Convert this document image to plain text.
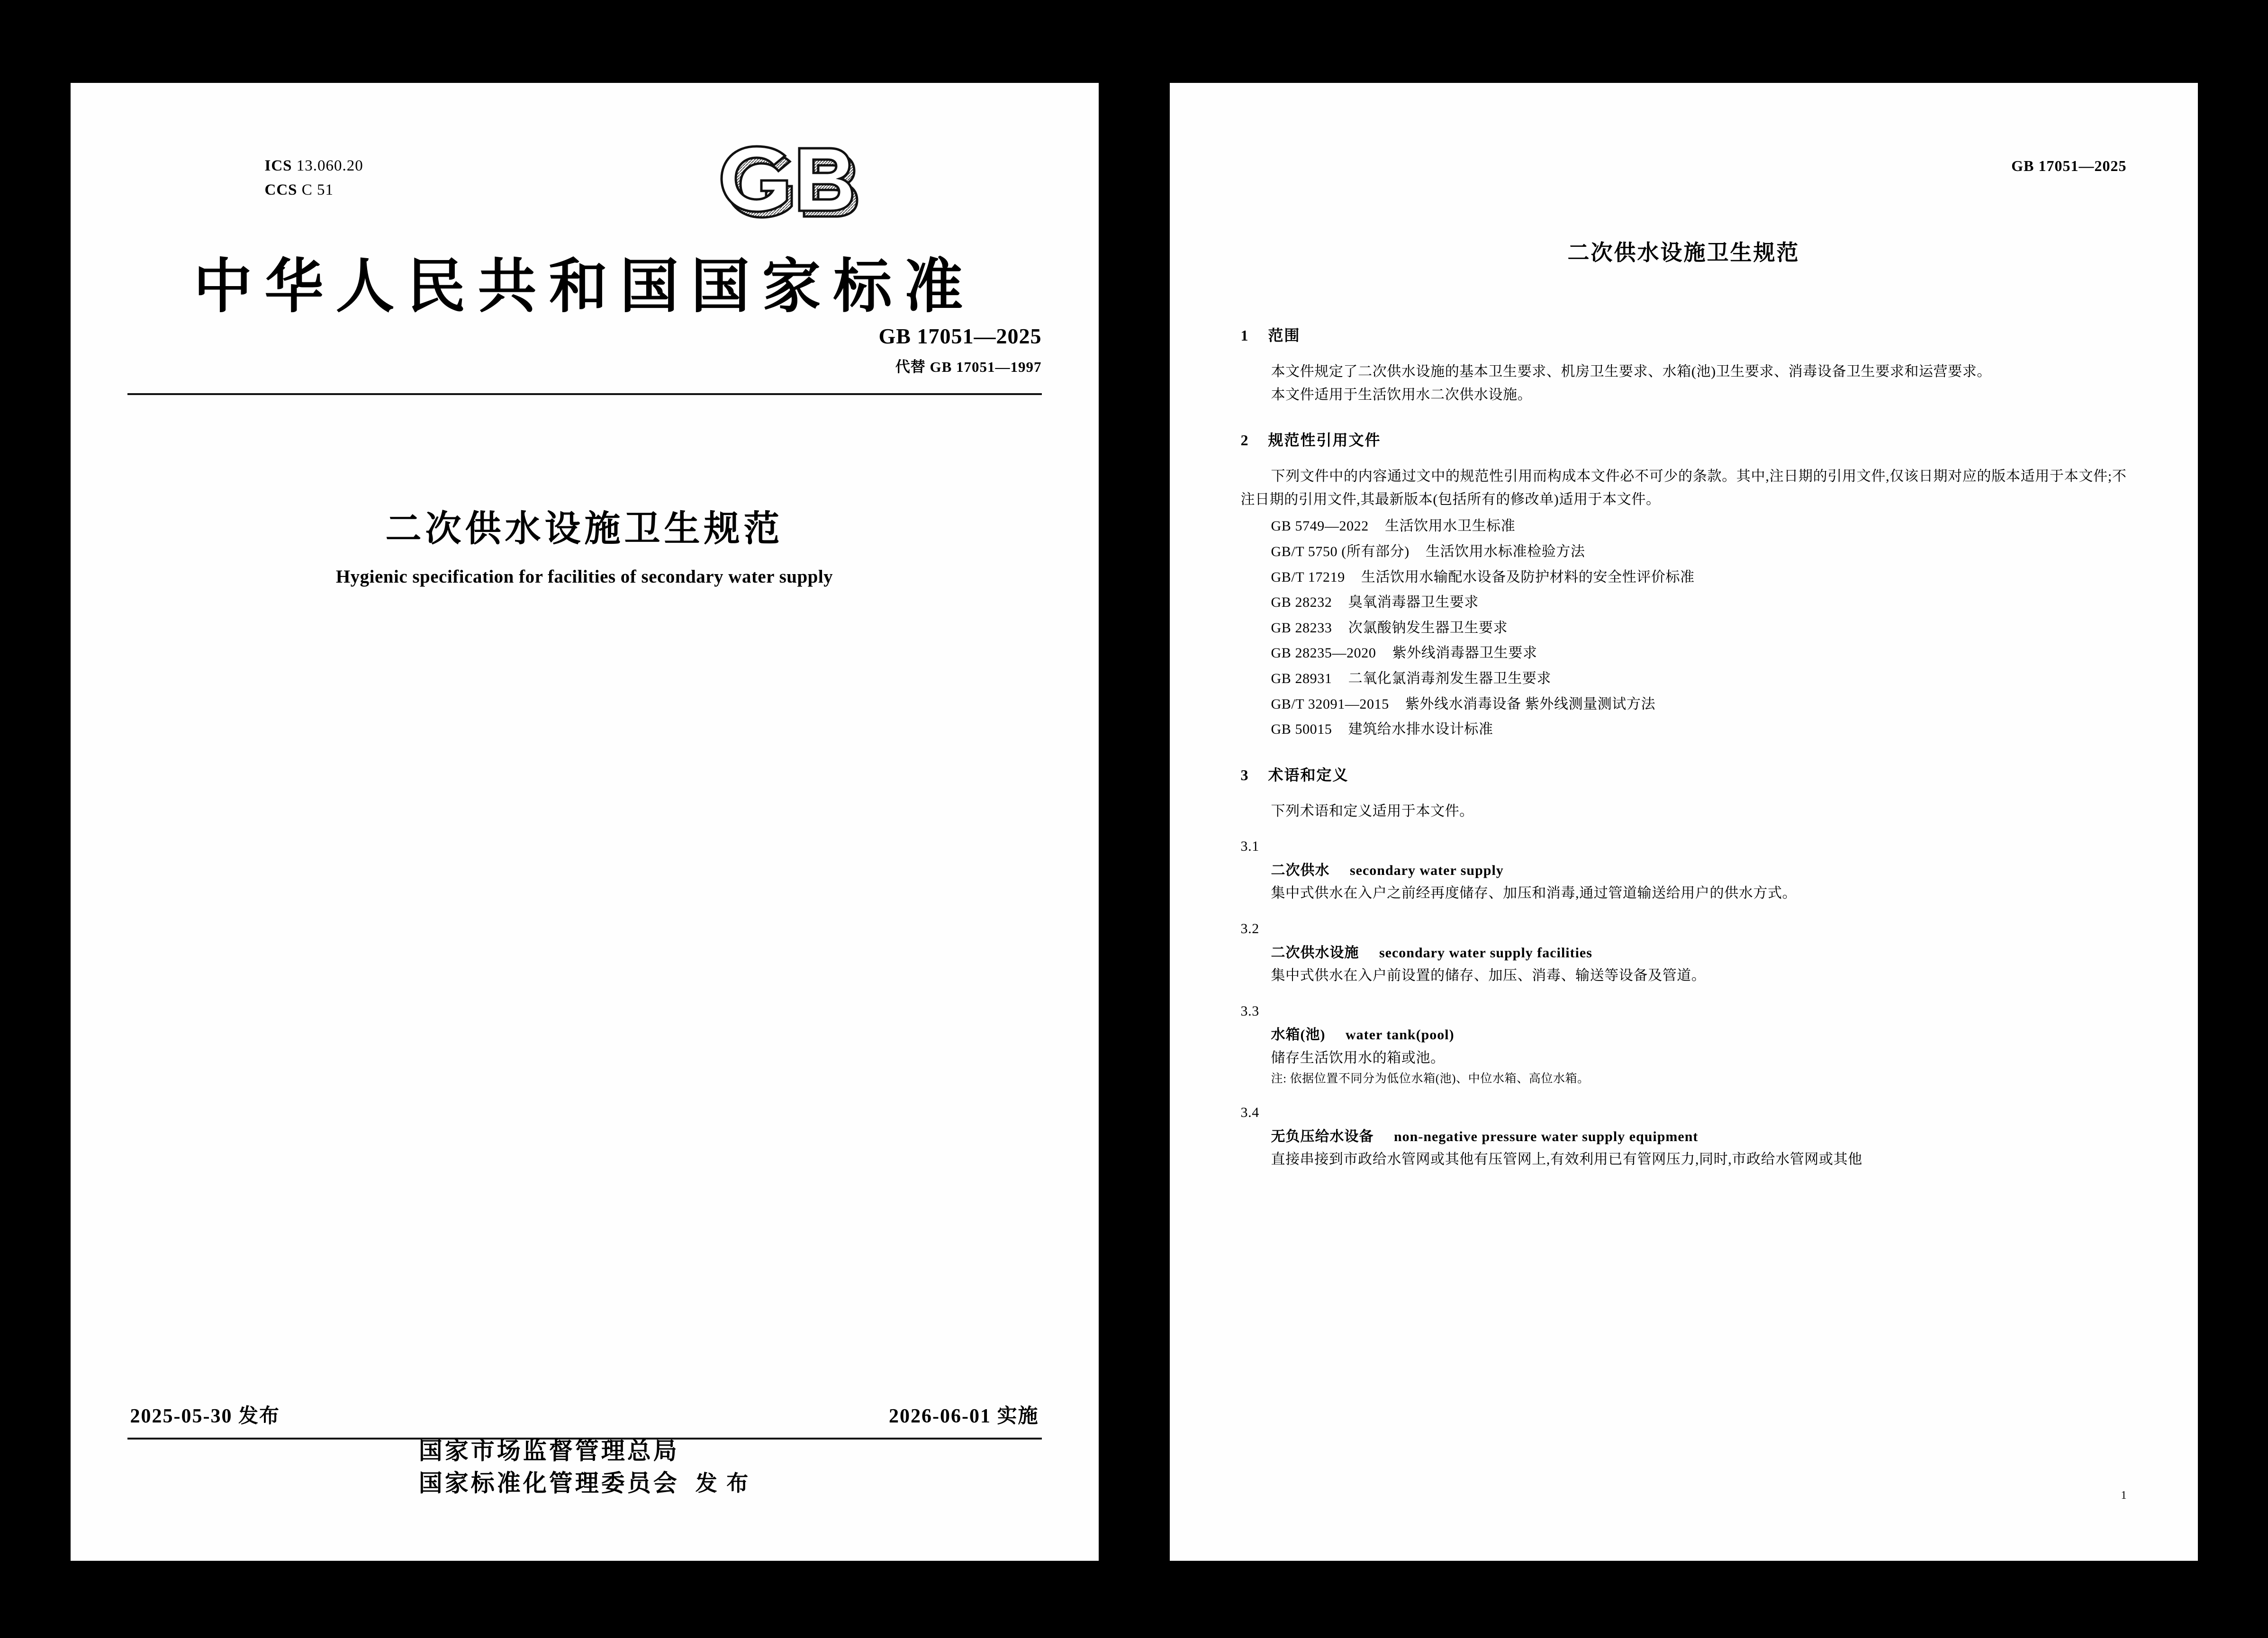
ICS 13.060.20
CCS C 51
中华人民共和国国家标准
GB 17051—2025
代替 GB 17051—1997
二次供水设施卫生规范
Hygienic specification for facilities of secondary water supply
2025-05-30 发布	2026-06-01 实施
国家市场监督管理总局
国家标准化管理委员会 发 布
GB 17051—2025
二次供水设施卫生规范
1 范围
本文件规定了二次供水设施的基本卫生要求、机房卫生要求、水箱(池)卫生要求、消毒设备卫生要求和运营要求。
本文件适用于生活饮用水二次供水设施。
2 规范性引用文件
下列文件中的内容通过文中的规范性引用而构成本文件必不可少的条款。其中,注日期的引用文件,仅该日期对应的版本适用于本文件;不注日期的引用文件,其最新版本(包括所有的修改单)适用于本文件。
GB 5749—2022 生活饮用水卫生标准
GB/T 5750 (所有部分) 生活饮用水标准检验方法
GB/T 17219 生活饮用水输配水设备及防护材料的安全性评价标准
GB 28232 臭氧消毒器卫生要求
GB 28233 次氯酸钠发生器卫生要求
GB 28235—2020 紫外线消毒器卫生要求
GB 28931 二氧化氯消毒剂发生器卫生要求
GB/T 32091—2015 紫外线水消毒设备 紫外线测量测试方法
GB 50015 建筑给水排水设计标准
3 术语和定义
下列术语和定义适用于本文件。
3.1
二次供水 secondary water supply
集中式供水在入户之前经再度储存、加压和消毒,通过管道输送给用户的供水方式。
3.2
二次供水设施 secondary water supply facilities
集中式供水在入户前设置的储存、加压、消毒、输送等设备及管道。
3.3
水箱(池) water tank(pool)
储存生活饮用水的箱或池。
注: 依据位置不同分为低位水箱(池)、中位水箱、高位水箱。
3.4
无负压给水设备 non-negative pressure water supply equipment
直接串接到市政给水管网或其他有压管网上,有效利用已有管网压力,同时,市政给水管网或其他
1
